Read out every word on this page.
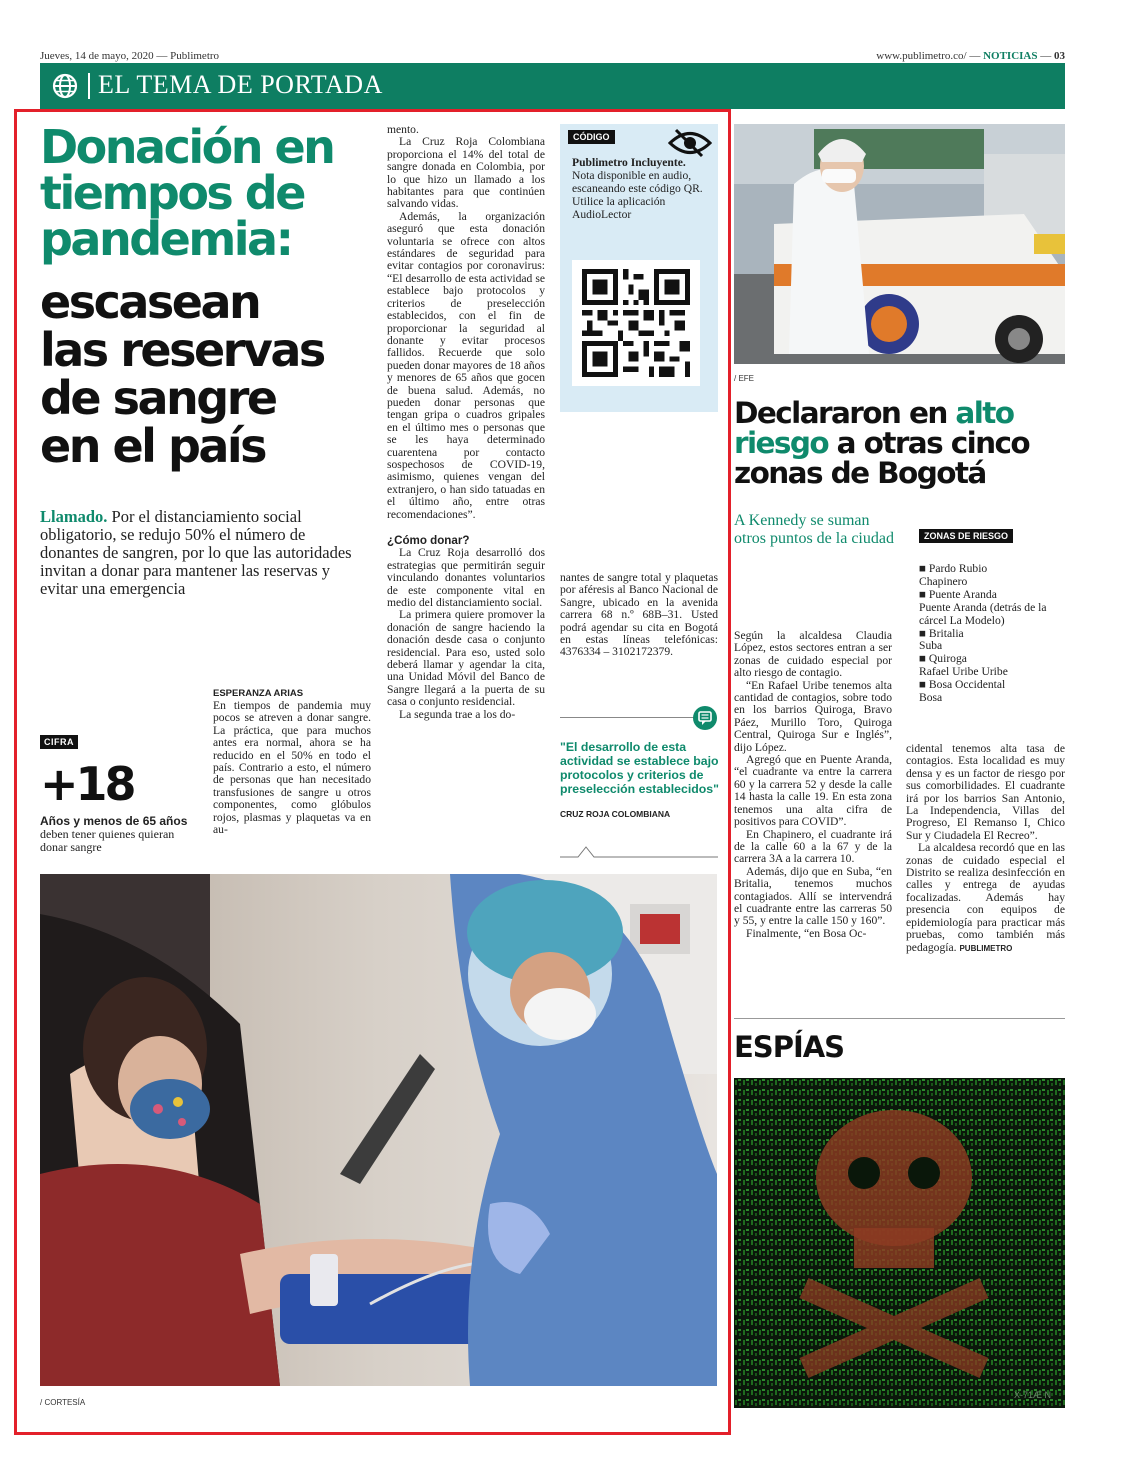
Jueves, 14 de mayo, 2020 — Publimetro	www.publimetro.co/ — NOTICIAS — 03
EL TEMA DE PORTADA
Donación en
tiempos de
pandemia:
escasean
las reservas
de sangre
en el país
Llamado. Por el distanciamiento social obligatorio, se redujo 50% el número de donantes de sangren, por lo que las autoridades invitan a donar para mantener las reservas y evitar una emergencia
CIFRA
+18
Años y menos de 65 años deben tener quienes quieran donar sangre
ESPERANZA ARIAS

En tiempos de pandemia muy pocos se atreven a donar sangre. La práctica, que para muchos antes era normal, ahora se ha reducido en el 50% en todo el país. Contrario a esto, el número de personas que han necesitado transfusiones de sangre u otros componentes, como glóbulos rojos, plasmas y plaquetas va en au-

mento.

La Cruz Roja Colombiana proporciona el 14% del total de sangre donada en Colombia, por lo que hizo un llamado a los habitantes para que continúen salvando vidas.

Además, la organización aseguró que esta donación voluntaria se ofrece con altos estándares de seguridad para evitar contagios por coronavirus: “El desarrollo de esta actividad se establece bajo protocolos y criterios de preselección establecidos, con el fin de proporcionar la seguridad al donante y evitar procesos fallidos. Recuerde que solo pueden donar mayores de 18 años y menores de 65 años que gocen de buena salud. Además, no pueden donar personas que tengan gripa o cuadros gripales en el último mes o personas que se les haya determinado cuarentena por contacto sospechosos de COVID-19, asimismo, quienes vengan del extranjero, o han sido tatuadas en el último año, entre otras recomendaciones”.

¿Cómo donar?

La Cruz Roja desarrolló dos estrategias que permitirán seguir vinculando donantes voluntarios de este componente vital en medio del distanciamiento social.

La primera quiere promover la donación de sangre haciendo la donación desde casa o conjunto residencial. Para eso, usted solo deberá llamar y agendar la cita, una Unidad Móvil del Banco de Sangre llegará a la puerta de su casa o conjunto residencial.

La segunda trae a los do-

CÓDIGO
Publimetro Incluyente. Nota disponible en audio, escaneando este código QR. Utilice la aplicación AudioLector

nantes de sangre total y plaquetas por aféresis al Banco Nacional de Sangre, ubicado en la avenida carrera 68 n.º 68B–31. Usted podrá agendar su cita en Bogotá en estas líneas telefónicas: 4376334 – 3102172379.

"El desarrollo de esta actividad se establece bajo protocolos y criterios de preselección establecidos"
CRUZ ROJA COLOMBIANA
/ CORTESÍA
/ EFE
Declararon en alto
riesgo a otras cinco
zonas de Bogotá
A Kennedy se suman otros puntos de la ciudad	ZONAS DE RIESGO
■ Pardo Rubio
Chapinero
■ Puente Aranda
Puente Aranda (detrás de la cárcel La Modelo)
■ Britalia
Suba
■ Quiroga
Rafael Uribe Uribe
■ Bosa Occidental
Bosa

Según la alcaldesa Claudia López, estos sectores entran a ser zonas de cuidado especial por alto riesgo de contagio.

“En Rafael Uribe tenemos alta cantidad de contagios, sobre todo en los barrios Quiroga, Bravo Páez, Murillo Toro, Quiroga Central, Quiroga Sur e Inglés”, dijo López.

Agregó que en Puente Aranda, “el cuadrante va entre la carrera 60 y la carrera 52 y desde la calle 14 hasta la calle 19. En esta zona tenemos una alta cifra de positivos para COVID”.

En Chapinero, el cuadrante irá de la calle 60 a la 67 y de la carrera 3A a la carrera 10.

Además, dijo que en Suba, “en Britalia, tenemos muchos contagiados. Allí se intervendrá el cuadrante entre las carreras 50 y 55, y entre la calle 150 y 160”.

Finalmente, “en Bosa Oc-

cidental tenemos alta tasa de contagios. Esta localidad es muy densa y es un factor de riesgo por sus comorbilidades. El cuadrante irá por los barrios San Antonio, La Independencia, Villas del Progreso, El Remanso I, Chico Sur y Ciudadela El Recreo”.

La alcaldesa recordó que en las zonas de cuidado especial el Distrito se realiza desinfección en calles y entrega de ayudas focalizadas. Además hay presencia con equipos de epidemiología para practicar más pruebas, como también más pedagogía. PUBLIMETRO

ESPÍAS
X-71Æ N
